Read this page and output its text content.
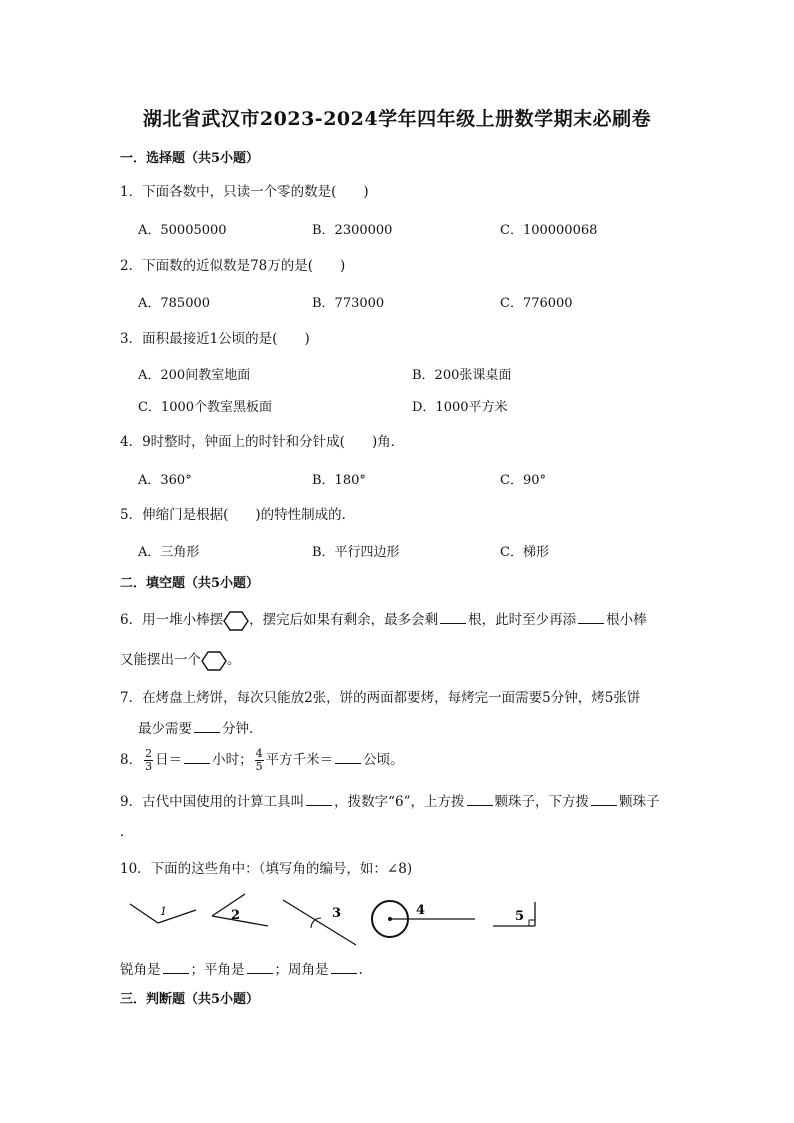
湖北省武汉市2023-2024学年四年级上册数学期末必刷卷
一．选择题（共5小题）
1．下面各数中，只读一个零的数是(　　)
A．50005000	B．2300000	C．100000068
2．下面数的近似数是78万的是(　　)
A．785000	B．773000	C．776000
3．面积最接近1公顷的是(　　)
A．200间教室地面	B．200张课桌面
C．1000个教室黑板面	D．1000平方米
4．9时整时，钟面上的时针和分针成(　　)角．
A．360°	B．180°	C．90°
5．伸缩门是根据(　　)的特性制成的．
A．三角形	B．平行四边形	C．梯形
二．填空题（共5小题）
6．用一堆小棒摆 ，摆完后如果有剩余，最多会剩 根，此时至少再添 根小棒
又能摆出一个 。
7．在烤盘上烤饼，每次只能放2张，饼的两面都要烤，每烤完一面需要5分钟，烤5张饼
最少需要 分钟．
8． $\frac{2}{3}$ 日＝ 小时； $\frac{4}{5}$ 平方千米＝ 公顷。
9．古代中国使用的计算工具叫 ，拨数字“6”，上方拨 颗珠子，下方拨 颗珠子
．
10．下面的这些角中：（填写角的编号，如：∠8)
1	2	3	4	5
锐角是 ；平角是 ；周角是 .
三．判断题（共5小题）
